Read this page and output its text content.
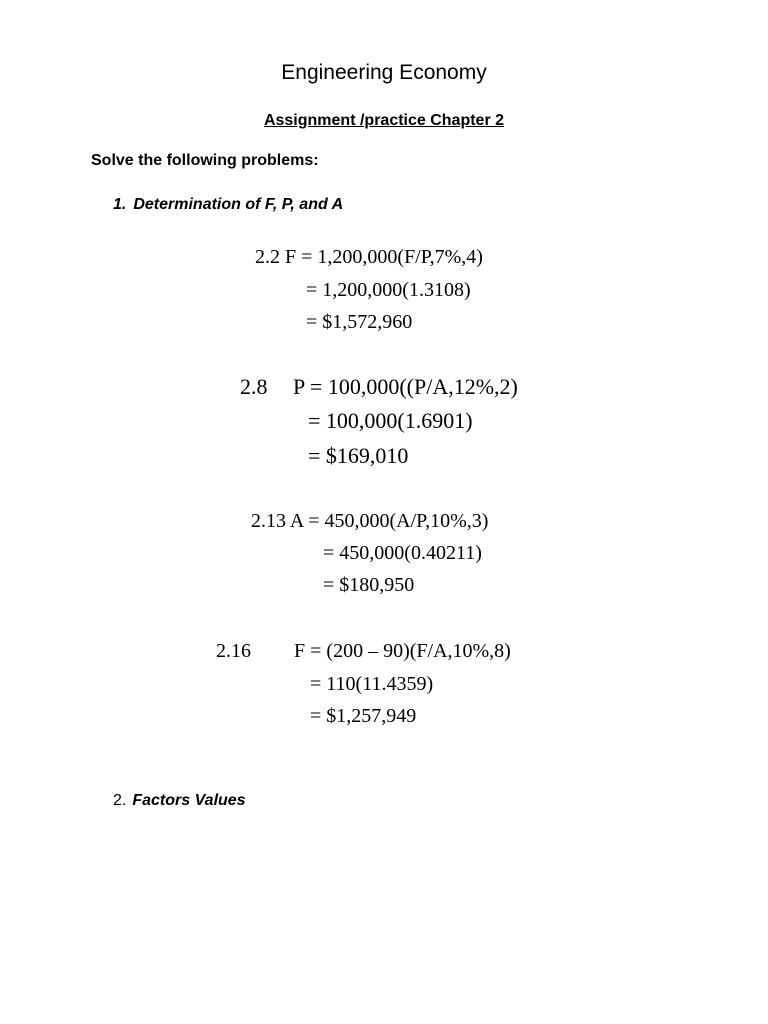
Engineering Economy
Assignment /practice Chapter 2
Solve the following problems:
1. Determination of F, P, and A
2.2 F = 1,200,000(F/P,7%,4)
= 1,200,000(1.3108)
= $1,572,960
2.8 P = 100,000((P/A,12%,2)
= 100,000(1.6901)
= $169,010
2.13 A = 450,000(A/P,10%,3)
= 450,000(0.40211)
= $180,950
2.16 F = (200 – 90)(F/A,10%,8)
= 110(11.4359)
= $1,257,949
2. Factors Values
